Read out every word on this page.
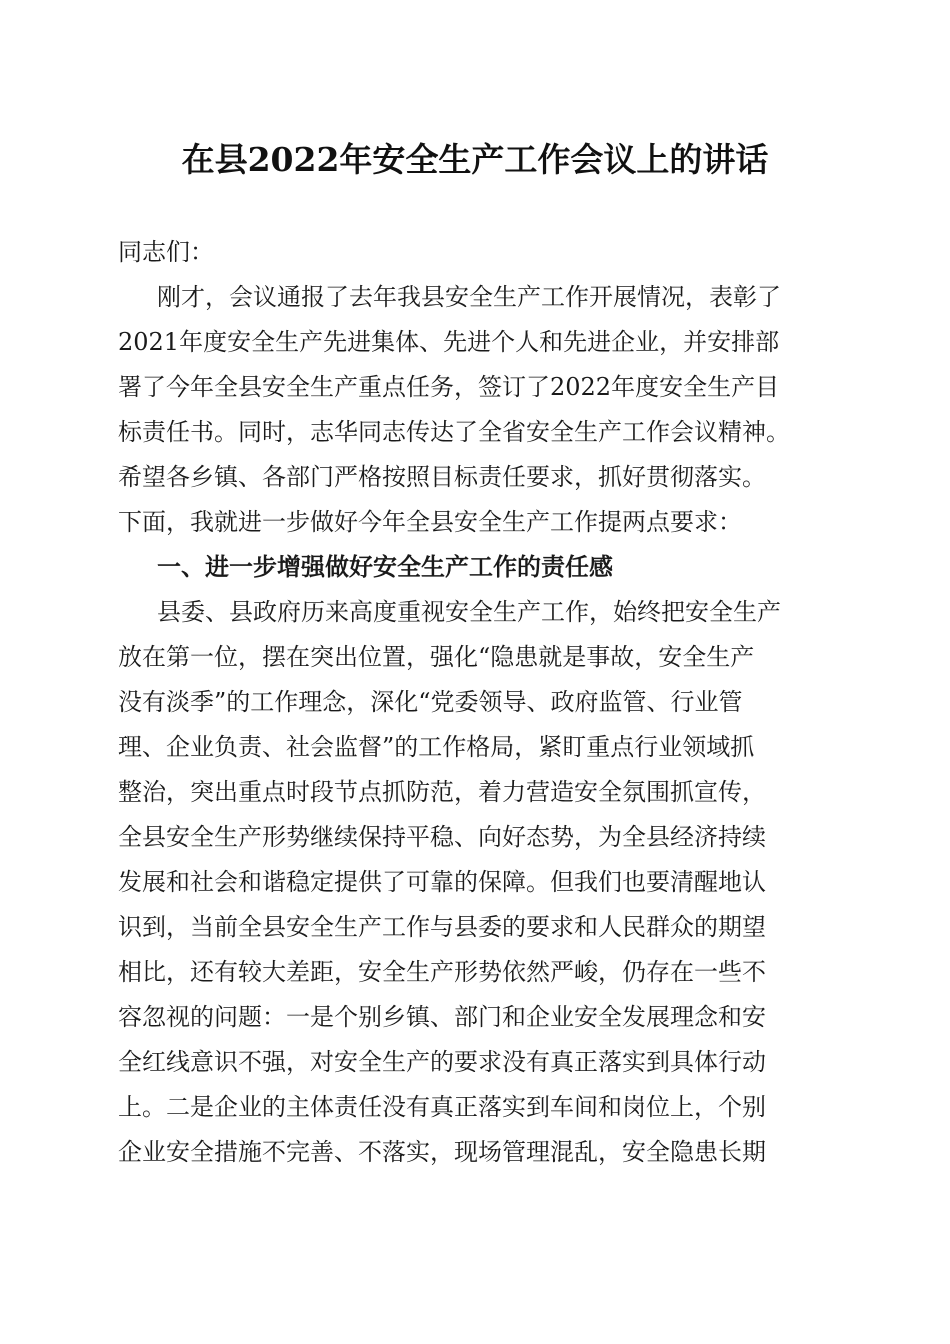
在县2022年安全生产工作会议上的讲话

同志们：

刚才，会议通报了去年我县安全生产工作开展情况，表彰了

2021年度安全生产先进集体、先进个人和先进企业，并安排部

署了今年全县安全生产重点任务，签订了2022年度安全生产目

标责任书。同时，志华同志传达了全省安全生产工作会议精神。

希望各乡镇、各部门严格按照目标责任要求，抓好贯彻落实。

下面，我就进一步做好今年全县安全生产工作提两点要求：

一、进一步增强做好安全生产工作的责任感

县委、县政府历来高度重视安全生产工作，始终把安全生产

放在第一位，摆在突出位置，强化“隐患就是事故，安全生产

没有淡季”的工作理念，深化“党委领导、政府监管、行业管

理、企业负责、社会监督”的工作格局，紧盯重点行业领域抓

整治，突出重点时段节点抓防范，着力营造安全氛围抓宣传，

全县安全生产形势继续保持平稳、向好态势，为全县经济持续

发展和社会和谐稳定提供了可靠的保障。但我们也要清醒地认

识到，当前全县安全生产工作与县委的要求和人民群众的期望

相比，还有较大差距，安全生产形势依然严峻，仍存在一些不

容忽视的问题：一是个别乡镇、部门和企业安全发展理念和安

全红线意识不强，对安全生产的要求没有真正落实到具体行动

上。二是企业的主体责任没有真正落实到车间和岗位上，个别

企业安全措施不完善、不落实，现场管理混乱，安全隐患长期
